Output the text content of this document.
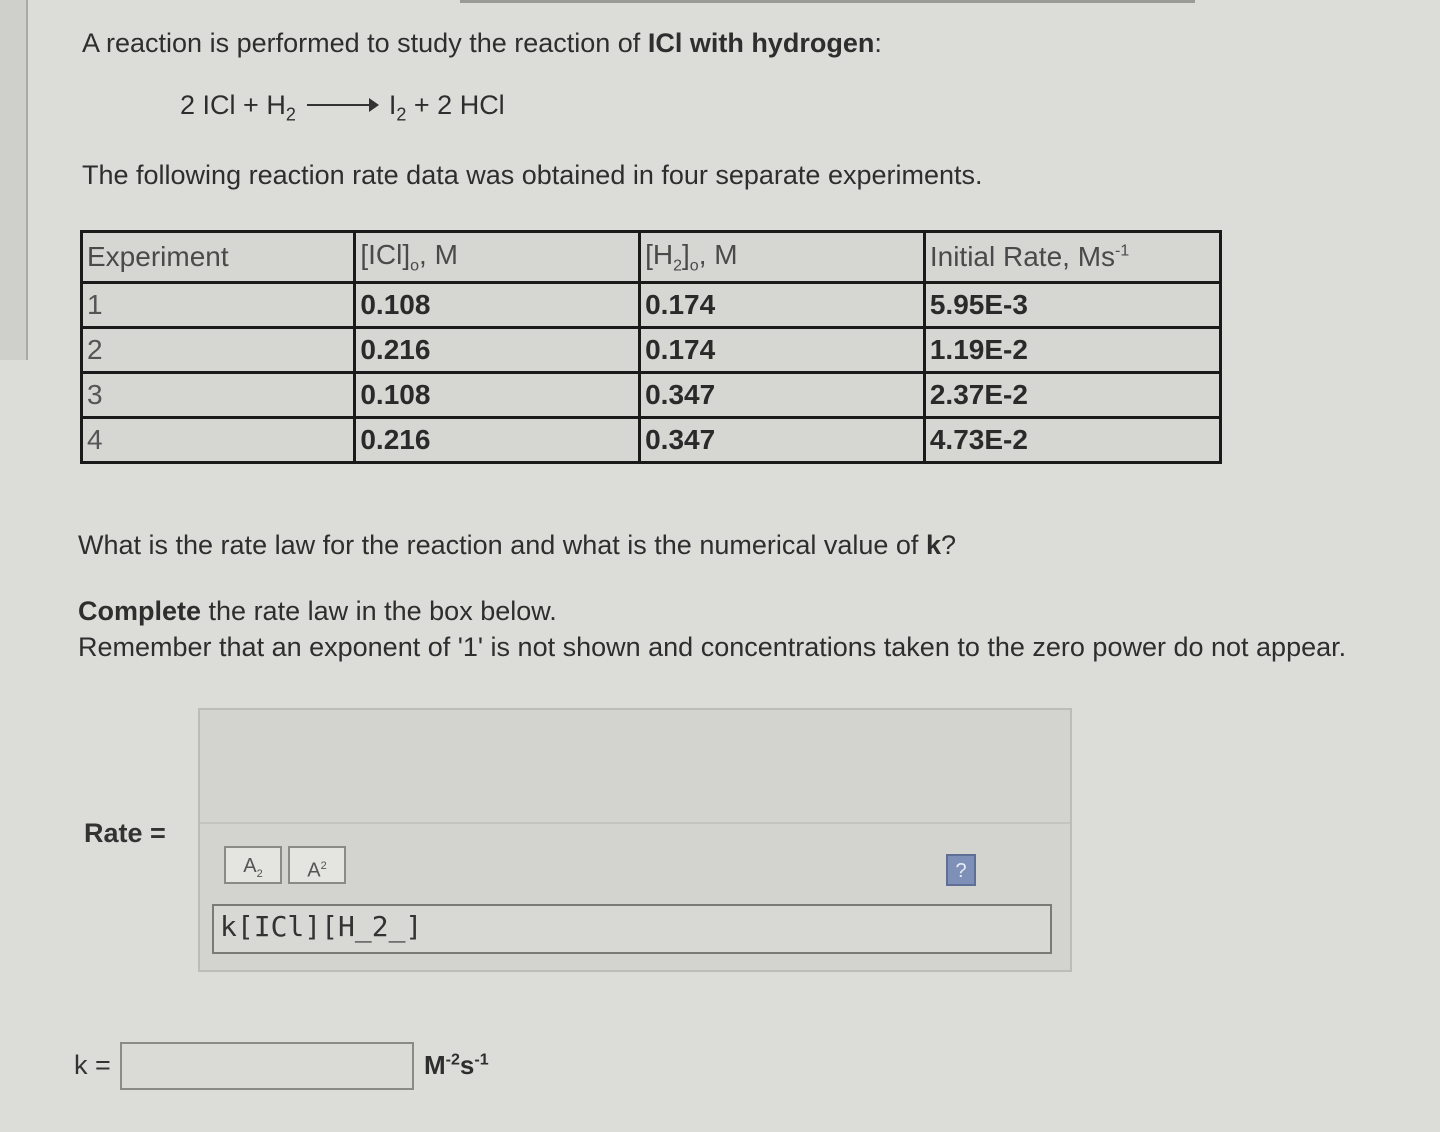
A reaction is performed to study the reaction of ICl with hydrogen:
2 ICl + $H_2 \to I_2 + 2$ HCl
The following reaction rate data was obtained in four separate experiments.
Experiment	$[ICl]_o$, M	$[H_2]_o$, M	Initial Rate, $Ms^{-1}$
1	0.108	0.174	5.95E-3
2	0.216	0.174	1.19E-2
3	0.108	0.347	2.37E-2
4	0.216	0.347	4.73E-2
What is the rate law for the reaction and what is the numerical value of k?
Complete the rate law in the box below.
Remember that an exponent of '1' is not shown and concentrations taken to the zero power do not appear.
Rate =
$A_2$	$A^2$	?
k[ICl][H_2_]
k =	$M^{-2}s^{-1}$
